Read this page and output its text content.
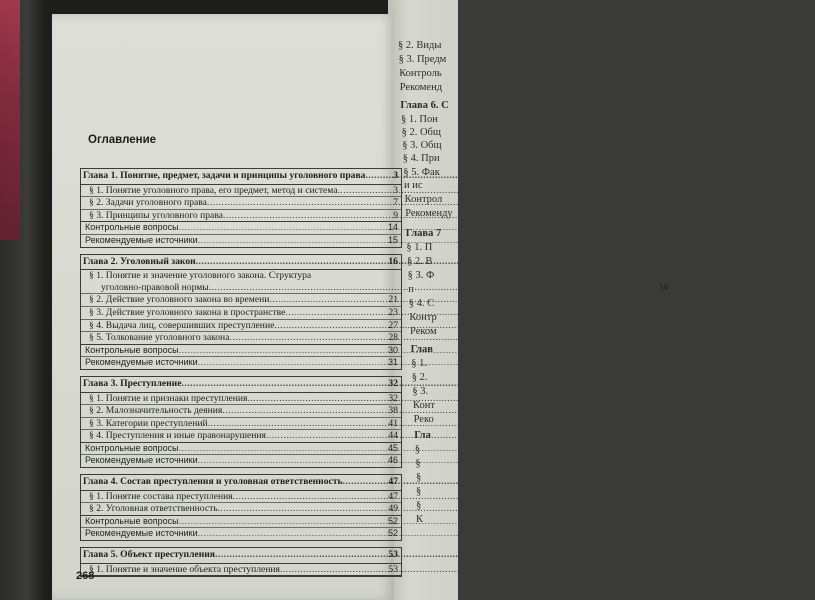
§ 2. Виды
§ 3. Предм
Контроль
Рекоменд
Глава 6. С
§ 1. Пон
§ 2. Общ
§ 3. Общ
§ 4. При
§ 5. Фак
и ис
Контрол
Рекоменду
Глава 7
§ 1. П
§ 2. В
§ 3. Ф
п
§ 4. С
Контр
Реком
Глав
§ 1.
§ 2.
§ 3.
Конт
Реко
Гла
§
§
§
§
§
К
Оглавление
Глава 1. Понятие, предмет, задачи и принципы уголовного права .....	3
§ 1. Понятие уголовного права, его предмет, метод и система .....	3
§ 2. Задачи уголовного права .....	7
§ 3. Принципы уголовного права .....	9
Контрольные вопросы .....	14
Рекомендуемые источники .....	15
Глава 2. Уголовный закон .....	16
§ 1. Понятие и значение уголовного закона. Структура
уголовно-правовой нормы .....	16
§ 2. Действие уголовного закона во времени .....	21
§ 3. Действие уголовного закона в пространстве .....	23
§ 4. Выдача лиц, совершивших преступление .....	27
§ 5. Толкование уголовного закона .....	28
Контрольные вопросы .....	30
Рекомендуемые источники .....	31
Глава 3. Преступление .....	32
§ 1. Понятие и признаки преступления .....	32
§ 2. Малозначительность деяния .....	38
§ 3. Категории преступлений .....	41
§ 4. Преступления и иные правонарушения .....	44
Контрольные вопросы .....	45
Рекомендуемые источники .....	46
Глава 4. Состав преступления и уголовная ответственность .....	47
§ 1. Понятие состава преступления .....	47
§ 2. Уголовная ответственность .....	49
Контрольные вопросы .....	52
Рекомендуемые источники .....	52
Глава 5. Объект преступления .....	53
§ 1. Понятие и значение объекта преступления .....	53
268
